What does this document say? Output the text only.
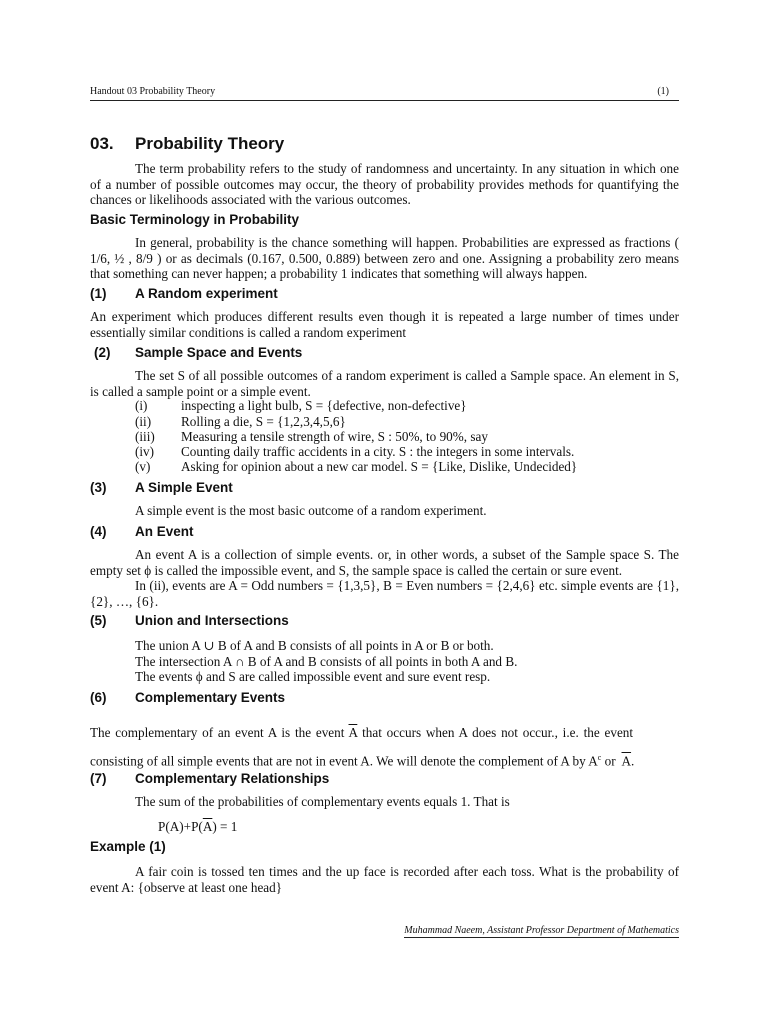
Handout 03 Probability Theory	(1)
03. Probability Theory
The term probability refers to the study of randomness and uncertainty. In any situation in which one of a number of possible outcomes may occur, the theory of probability provides methods for quantifying the chances or likelihoods associated with the various outcomes.
Basic Terminology in Probability
In general, probability is the chance something will happen. Probabilities are expressed as fractions ( 1/6, ½ , 8/9 ) or as decimals (0.167, 0.500, 0.889) between zero and one. Assigning a probability zero means that something can never happen; a probability 1 indicates that something will always happen.
(1) A Random experiment
An experiment which produces different results even though it is repeated a large number of times under essentially similar conditions is called a random experiment
(2) Sample Space and Events
The set S of all possible outcomes of a random experiment is called a Sample space. An element in S, is called a sample point or a simple event.
(i)	inspecting a light bulb, S = {defective, non-defective}
(ii) Rolling a die, S = {1,2,3,4,5,6}
(iii) Measuring a tensile strength of wire, S : 50%, to 90%, say
(iv) Counting daily traffic accidents in a city. S : the integers in some intervals.
(v) Asking for opinion about a new car model. S = {Like, Dislike, Undecided}
(3) A Simple Event
A simple event is the most basic outcome of a random experiment.
(4) An Event
An event A is a collection of simple events. or, in other words, a subset of the Sample space S. The empty set ϕ is called the impossible event, and S, the sample space is called the certain or sure event.
In (ii), events are A = Odd numbers = {1,3,5}, B = Even numbers = {2,4,6} etc. simple events are {1}, {2}, …, {6}.
(5) Union and Intersections
The union A ∪ B of A and B consists of all points in A or B or both.
The intersection A ∩ B of A and B consists of all points in both A and B.
The events ϕ and S are called impossible event and sure event resp.
(6) Complementary Events
The complementary of an event A is the event $\overline{A}$ that occurs when A does not occur., i.e. the event
consisting of all simple events that are not in event A. We will denote the complement of A by $A^c$ or $\overline{A}$.
(7) Complementary Relationships
The sum of the probabilities of complementary events equals 1. That is
$P(A)+P(\overline{A}) = 1$
Example (1)
A fair coin is tossed ten times and the up face is recorded after each toss. What is the probability of event A: {observe at least one head}
Muhammad Naeem, Assistant Professor Department of Mathematics
